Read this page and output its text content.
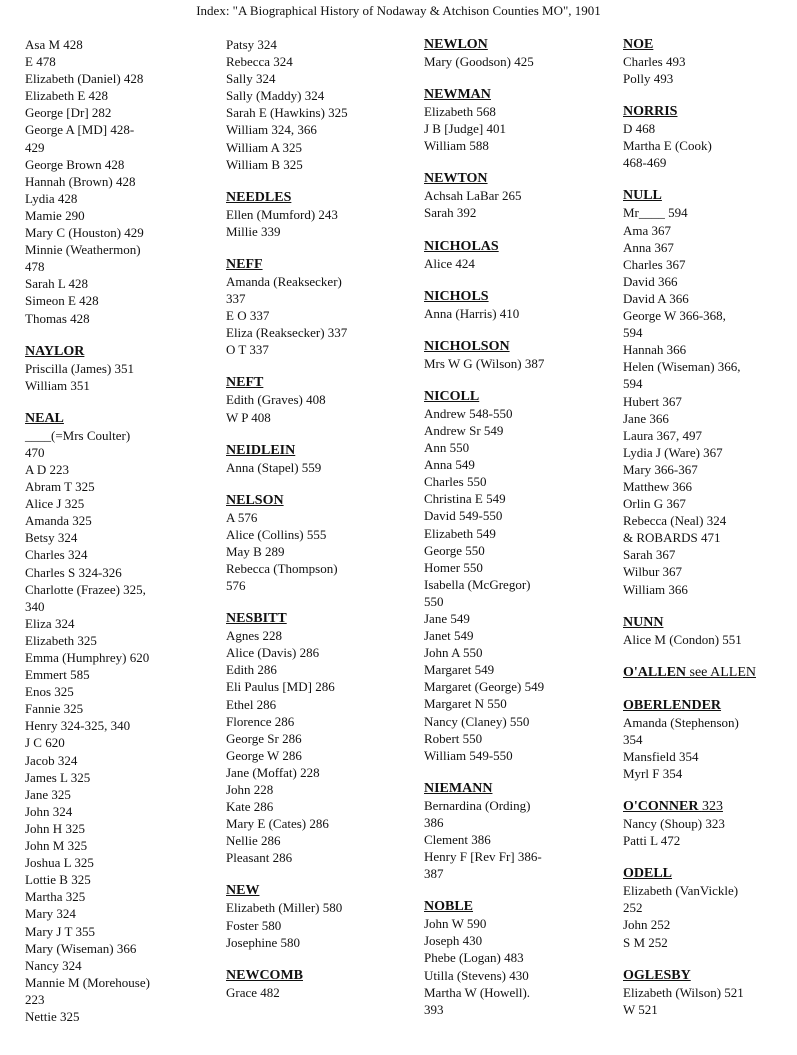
Index: "A Biographical History of Nodaway & Atchison Counties MO", 1901
Asa M 428
E 478
Elizabeth (Daniel) 428
Elizabeth E 428
George [Dr] 282
George A [MD] 428-
429
George Brown 428
Hannah (Brown) 428
Lydia 428
Mamie 290
Mary C (Houston) 429
Minnie (Weathermon)
478
Sarah L 428
Simeon E 428
Thomas 428
NAYLOR
Priscilla (James) 351
William 351
NEAL
____(=Mrs Coulter)
470
A D 223
Abram T 325
Alice J 325
Amanda 325
Betsy 324
Charles 324
Charles S 324-326
Charlotte (Frazee) 325,
340
Eliza 324
Elizabeth 325
Emma (Humphrey) 620
Emmert 585
Enos 325
Fannie 325
Henry 324-325, 340
J C 620
Jacob 324
James L 325
Jane 325
John 324
John H 325
John M 325
Joshua L 325
Lottie B 325
Martha 325
Mary 324
Mary J T 355
Mary (Wiseman) 366
Nancy 324
Mannie M (Morehouse)
223
Nettie 325
Patsy 324
Rebecca 324
Sally 324
Sally (Maddy) 324
Sarah E (Hawkins) 325
William 324, 366
William A 325
William B 325
NEEDLES
Ellen (Mumford) 243
Millie 339
NEFF
Amanda (Reaksecker)
337
E O 337
Eliza (Reaksecker) 337
O T 337
NEFT
Edith (Graves) 408
W P 408
NEIDLEIN
Anna (Stapel) 559
NELSON
A 576
Alice (Collins) 555
May B 289
Rebecca (Thompson)
576
NESBITT
Agnes 228
Alice (Davis) 286
Edith 286
Eli Paulus [MD] 286
Ethel 286
Florence 286
George Sr 286
George W 286
Jane (Moffat) 228
John 228
Kate 286
Mary E (Cates) 286
Nellie 286
Pleasant 286
NEW
Elizabeth (Miller) 580
Foster 580
Josephine 580
NEWCOMB
Grace 482
NEWLON
Mary (Goodson) 425
NEWMAN
Elizabeth 568
J B [Judge] 401
William 588
NEWTON
Achsah LaBar 265
Sarah 392
NICHOLAS
Alice 424
NICHOLS
Anna (Harris) 410
NICHOLSON
Mrs W G (Wilson) 387
NICOLL
Andrew 548-550
Andrew Sr 549
Ann 550
Anna 549
Charles 550
Christina E 549
David 549-550
Elizabeth 549
George 550
Homer 550
Isabella (McGregor)
550
Jane 549
Janet 549
John A 550
Margaret 549
Margaret (George) 549
Margaret N 550
Nancy (Claney) 550
Robert 550
William 549-550
NIEMANN
Bernardina (Ording)
386
Clement 386
Henry F [Rev Fr] 386-
387
NOBLE
John W 590
Joseph 430
Phebe (Logan) 483
Utilla (Stevens) 430
Martha W (Howell).
393
NOE
Charles 493
Polly 493
NORRIS
D 468
Martha E (Cook)
468-469
NULL
Mr____ 594
Ama 367
Anna 367
Charles 367
David 366
David A 366
George W 366-368,
594
Hannah 366
Helen (Wiseman) 366,
594
Hubert 367
Jane 366
Laura 367, 497
Lydia J (Ware) 367
Mary 366-367
Matthew 366
Orlin G 367
Rebecca (Neal) 324
& ROBARDS 471
Sarah 367
Wilbur 367
William 366
NUNN
Alice M (Condon) 551
O'ALLEN see ALLEN
OBERLENDER
Amanda (Stephenson)
354
Mansfield 354
Myrl F 354
O'CONNER 323
Nancy (Shoup) 323
Patti L 472
ODELL
Elizabeth (VanVickle)
252
John 252
S M 252
OGLESBY
Elizabeth (Wilson) 521
W 521
